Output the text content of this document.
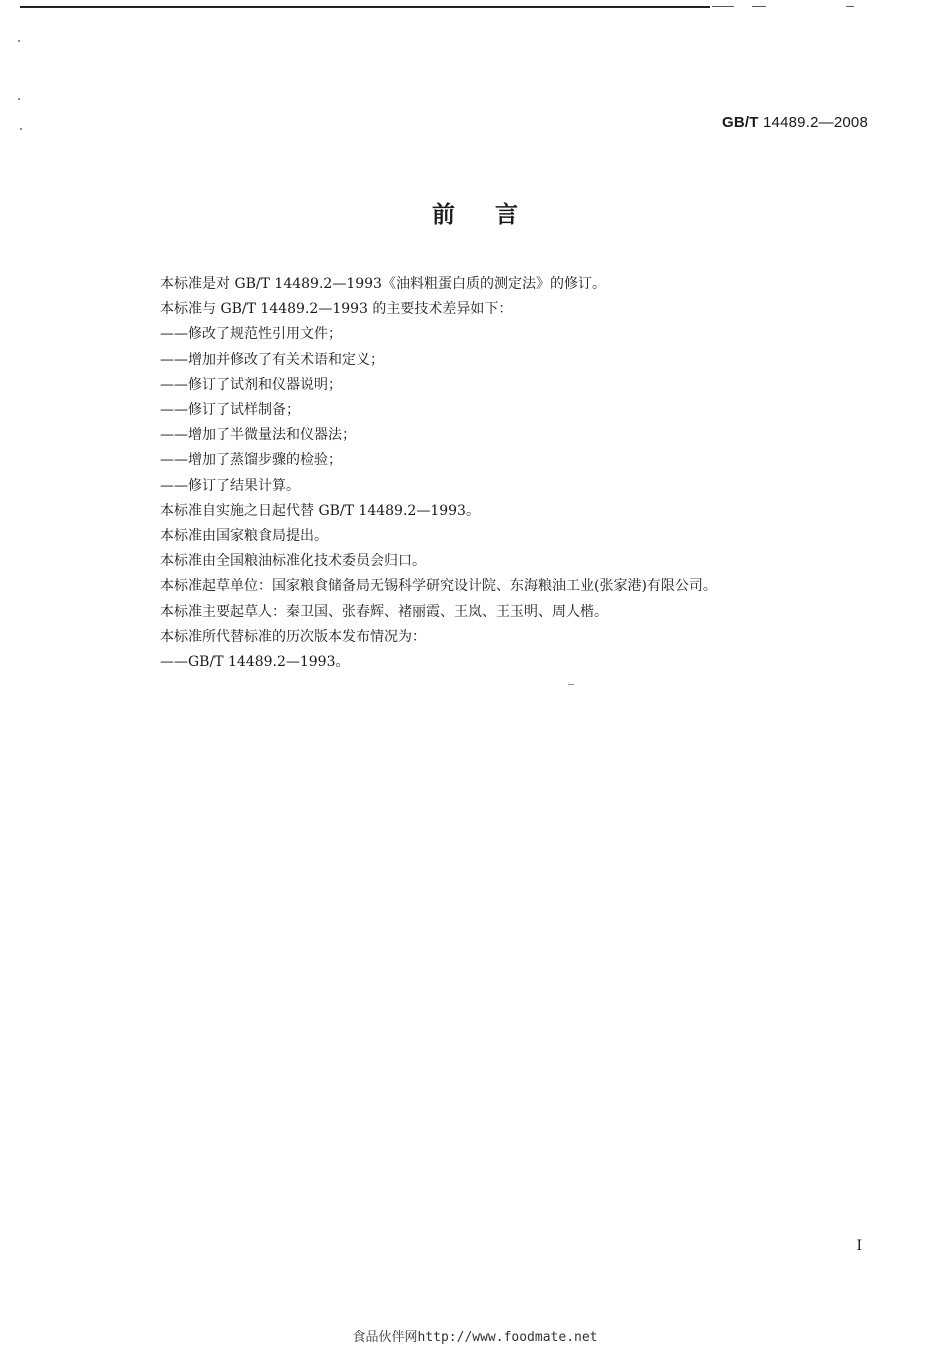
GB/T 14489.2—2008
前言

本标准是对 GB/T 14489.2—1993《油料粗蛋白质的测定法》的修订。

本标准与 GB/T 14489.2—1993 的主要技术差异如下：

——修改了规范性引用文件；

——增加并修改了有关术语和定义；

——修订了试剂和仪器说明；

——修订了试样制备；

——增加了半微量法和仪器法；

——增加了蒸馏步骤的检验；

——修订了结果计算。

本标准自实施之日起代替 GB/T 14489.2—1993。

本标准由国家粮食局提出。

本标准由全国粮油标准化技术委员会归口。

本标准起草单位：国家粮食储备局无锡科学研究设计院、东海粮油工业(张家港)有限公司。

本标准主要起草人：秦卫国、张春辉、褚丽霞、王岚、王玉明、周人楷。

本标准所代替标准的历次版本发布情况为：

——GB/T 14489.2—1993。

I
食品伙伴网http://www.foodmate.net
